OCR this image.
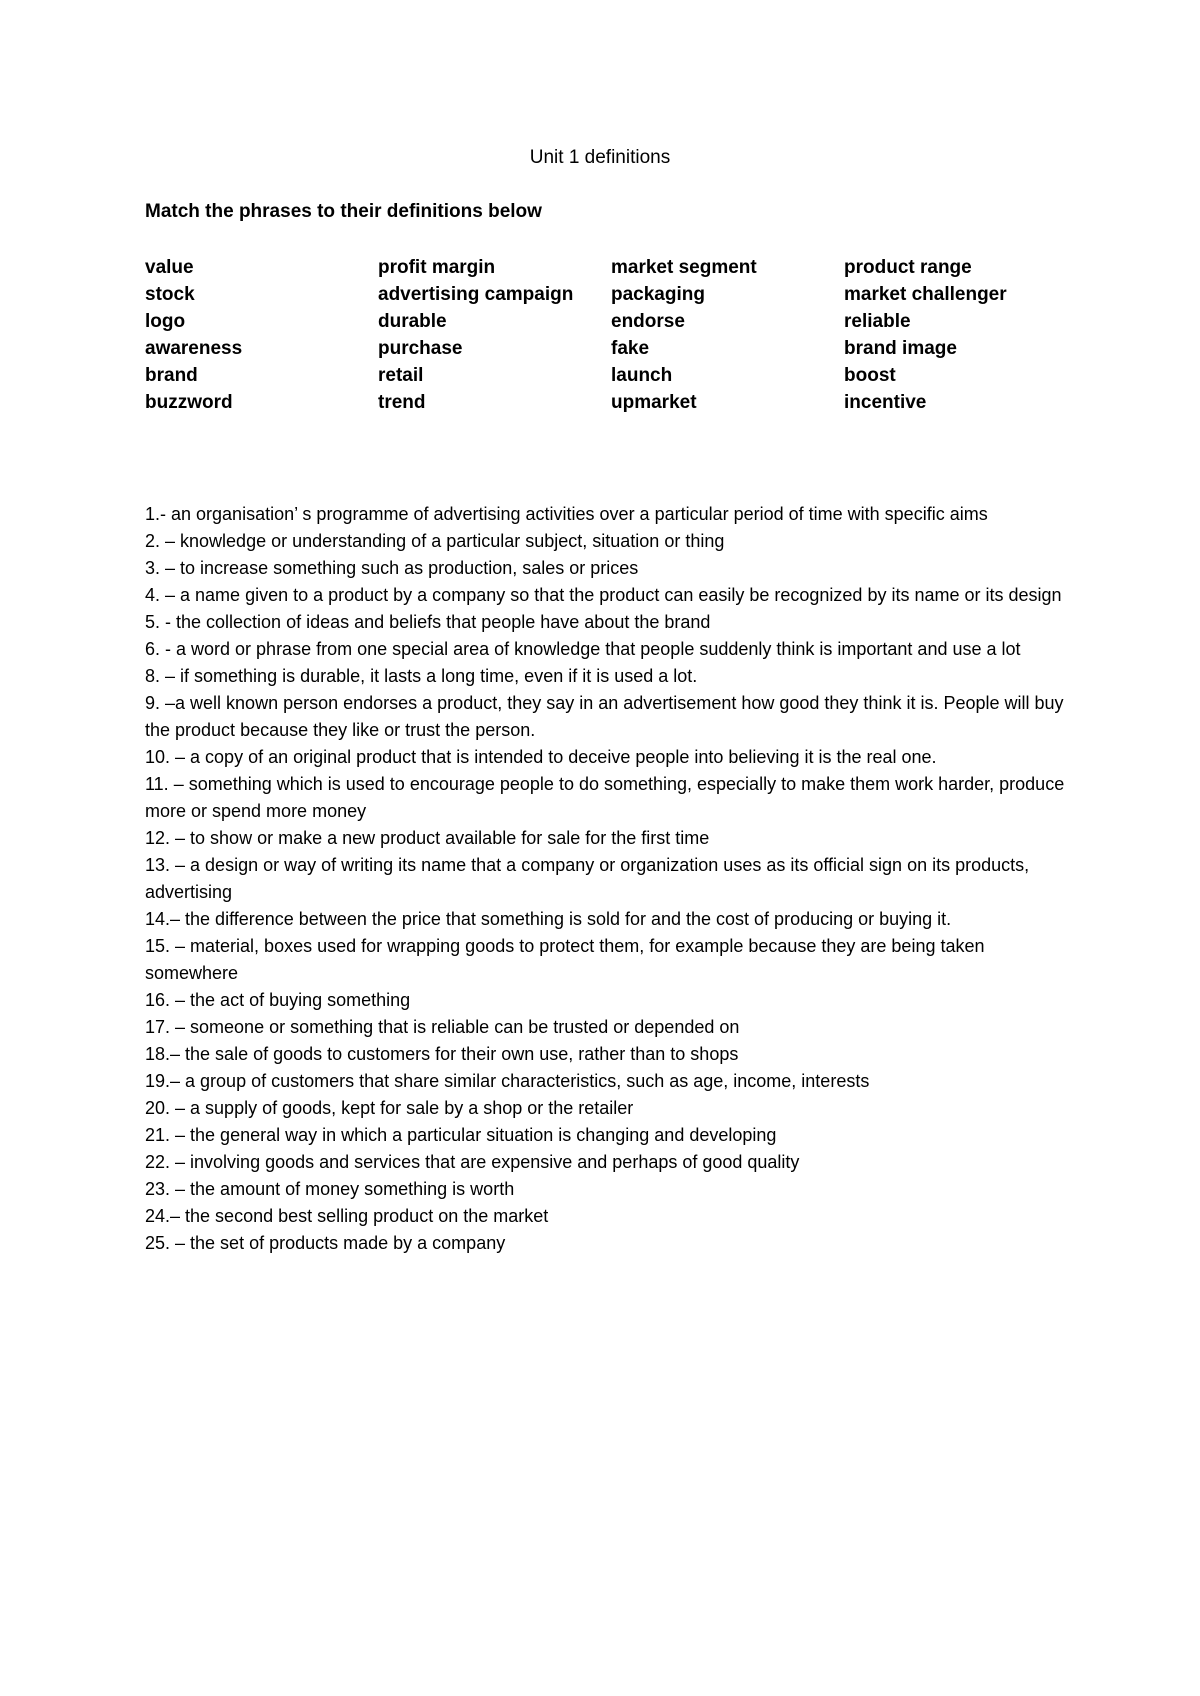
Unit 1 definitions
Match the phrases to their definitions below
value	profit margin	market segment	product range
stock	advertising campaign	packaging	market challenger
logo	durable	endorse	reliable
awareness	purchase	fake	brand image
brand	retail	launch	boost
buzzword	trend	upmarket	incentive

1.- an organisation’ s programme of advertising activities over a particular period of time with specific aims

2. – knowledge or understanding of a particular subject, situation or thing

3. – to increase something such as production, sales or prices

4. – a name given to a product by a company so that the product can easily be recognized by its name or its design

5. - the collection of ideas and beliefs that people have about the brand

6. - a word or phrase from one special area of knowledge that people suddenly think is important and use a lot

8. – if something is durable, it lasts a long time, even if it is used a lot.

9. –a well known person endorses a product, they say in an advertisement how good they think it is. People will buy the product because they like or trust the person.

10. – a copy of an original product that is intended to deceive people into believing it is the real one.

11. – something which is used to encourage people to do something, especially to make them work harder, produce more or spend more money

12. – to show or make a new product available for sale for the first time

13. – a design or way of writing its name that a company or organization uses as its official sign on its products, advertising

14.– the difference between the price that something is sold for and the cost of producing or buying it.

15. – material, boxes used for wrapping goods to protect them, for example because they are being taken somewhere

16. – the act of buying something

17. – someone or something that is reliable can be trusted or depended on

18.– the sale of goods to customers for their own use, rather than to shops

19.– a group of customers that share similar characteristics, such as age, income, interests

20. – a supply of goods, kept for sale by a shop or the retailer

21. – the general way in which a particular situation is changing and developing

22. – involving goods and services that are expensive and perhaps of good quality

23. – the amount of money something is worth

24.– the second best selling product on the market

25. – the set of products made by a company
